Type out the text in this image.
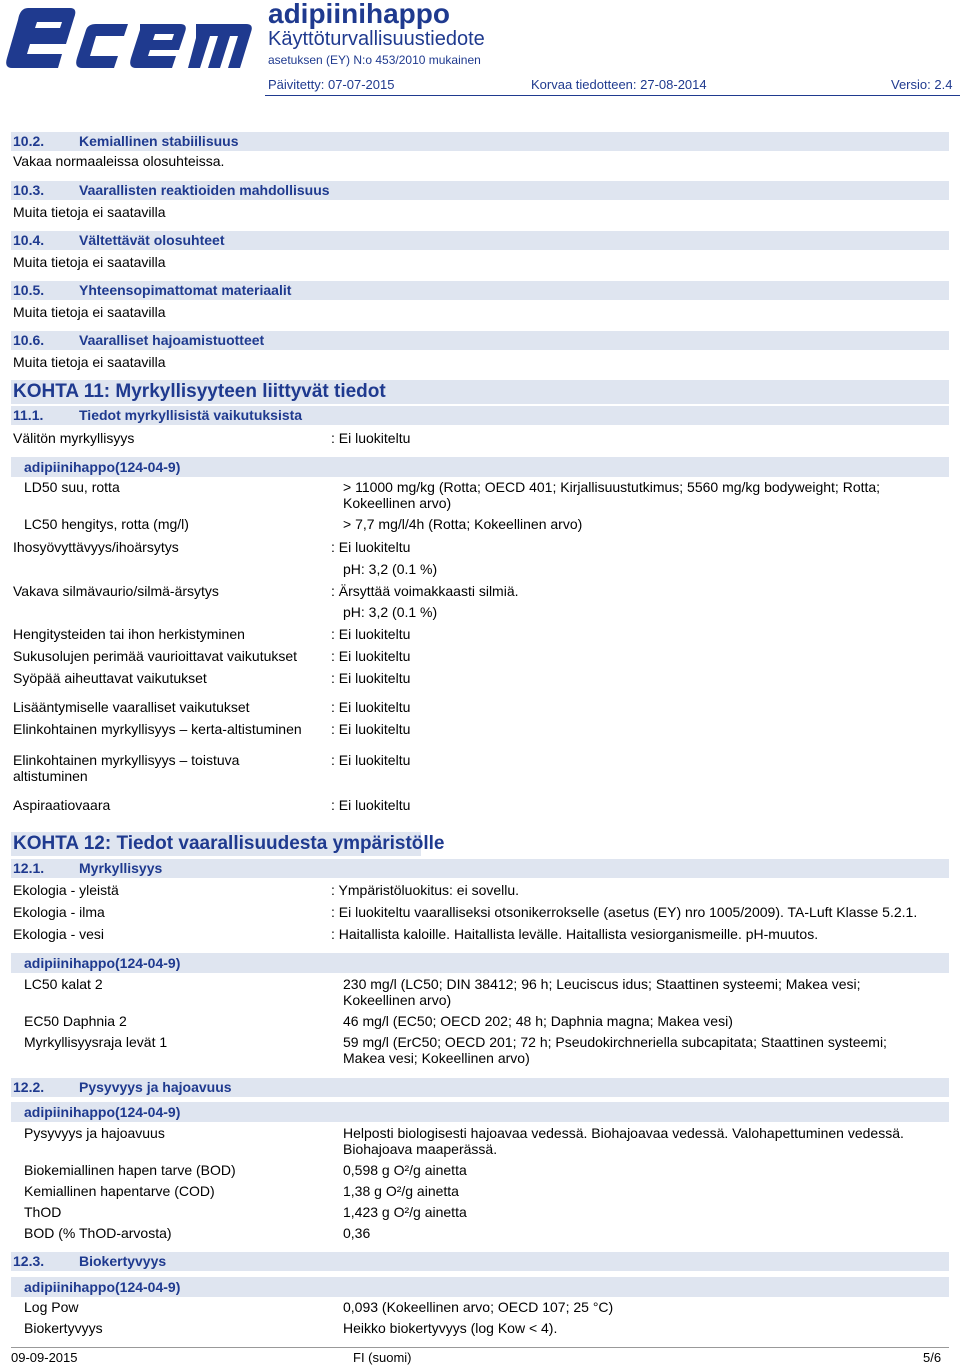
adipiinihappo
Käyttöturvallisuustiedote
asetuksen (EY) N:o 453/2010 mukainen
Päivitetty: 07-07-2015	Korvaa tiedotteen: 27-08-2014	Versio: 2.4
10.2. Kemiallinen stabiilisuus
Vakaa normaaleissa olosuhteissa.
10.3. Vaarallisten reaktioiden mahdollisuus
Muita tietoja ei saatavilla
10.4. Vältettävät olosuhteet
Muita tietoja ei saatavilla
10.5. Yhteensopimattomat materiaalit
Muita tietoja ei saatavilla
10.6. Vaaralliset hajoamistuotteet
Muita tietoja ei saatavilla
KOHTA 11: Myrkyllisyyteen liittyvät tiedot
11.1.	Tiedot myrkyllisistä vaikutuksista
Välitön myrkyllisyys	: Ei luokiteltu
adipiinihappo(124-04-9)
LD50 suu, rotta	> 11000 mg/kg (Rotta; OECD 401; Kirjallisuustutkimus; 5560 mg/kg bodyweight; Rotta;
Kokeellinen arvo)
LC50 hengitys, rotta (mg/l)	> 7,7 mg/l/4h (Rotta; Kokeellinen arvo)
Ihosyövyttävyys/ihoärsytys	: Ei luokiteltu
pH: 3,2 (0.1 %)
Vakava silmävaurio/silmä-ärsytys	: Ärsyttää voimakkaasti silmiä.
pH: 3,2 (0.1 %)
Hengitysteiden tai ihon herkistyminen	: Ei luokiteltu
Sukusolujen perimää vaurioittavat vaikutukset : Ei luokiteltu
Syöpää aiheuttavat vaikutukset	: Ei luokiteltu
Lisääntymiselle vaaralliset vaikutukset	: Ei luokiteltu
Elinkohtainen myrkyllisyys – kerta-altistuminen : Ei luokiteltu
Elinkohtainen myrkyllisyys – toistuva
altistuminen
: Ei luokiteltu
Aspiraatiovaara	: Ei luokiteltu
KOHTA 12: Tiedot vaarallisuudesta ympäristölle
12.1. Myrkyllisyys
Ekologia - yleistä	: Ympäristöluokitus: ei sovellu.
Ekologia - ilma	: Ei luokiteltu vaaralliseksi otsonikerrokselle (asetus (EY) nro 1005/2009). TA-Luft Klasse 5.2.1.
Ekologia - vesi	: Haitallista kaloille. Haitallista levälle. Haitallista vesiorganismeille. pH-muutos.
adipiinihappo(124-04-9)
LC50 kalat 2	230 mg/l (LC50; DIN 38412; 96 h; Leuciscus idus; Staattinen systeemi; Makea vesi;
Kokeellinen arvo)
EC50 Daphnia 2	46 mg/l (EC50; OECD 202; 48 h; Daphnia magna; Makea vesi)
Myrkyllisyysraja levät 1	59 mg/l (ErC50; OECD 201; 72 h; Pseudokirchneriella subcapitata; Staattinen systeemi;
Makea vesi; Kokeellinen arvo)
12.2. Pysyvyys ja hajoavuus
adipiinihappo(124-04-9)
Pysyvyys ja hajoavuus	Helposti biologisesti hajoavaa vedessä. Biohajoavaa vedessä. Valohapettuminen vedessä.
Biohajoava maaperässä.
Biokemiallinen hapen tarve (BOD)	0,598 g O²/g ainetta
Kemiallinen hapentarve (COD)	1,38 g O²/g ainetta
ThOD	1,423 g O²/g ainetta
BOD (% ThOD-arvosta)	0,36
12.3. Biokertyvyys
adipiinihappo(124-04-9)
Log Pow	0,093 (Kokeellinen arvo; OECD 107; 25 °C)
Biokertyvyys	Heikko biokertyvyys (log Kow < 4).
09-09-2015	FI (suomi)	5/6
